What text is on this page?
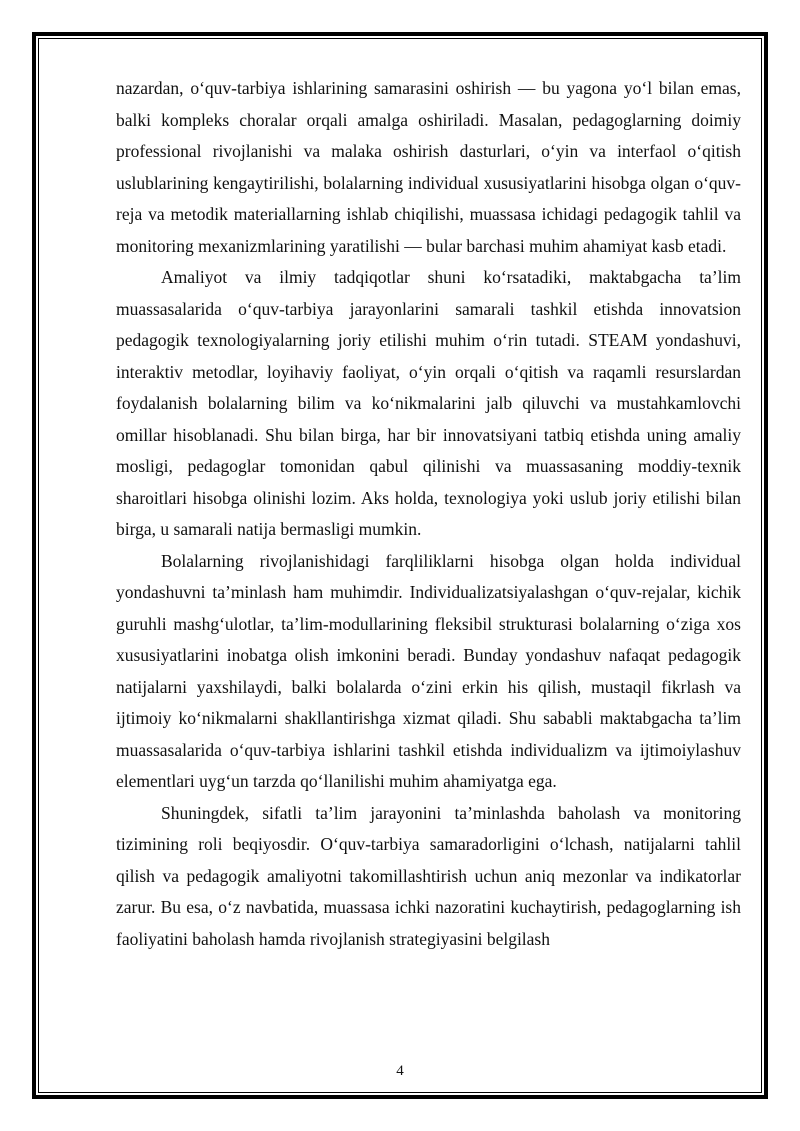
nazardan, o‘quv-tarbiya ishlarining samarasini oshirish — bu yagona yo‘l bilan emas, balki kompleks choralar orqali amalga oshiriladi. Masalan, pedagoglarning doimiy professional rivojlanishi va malaka oshirish dasturlari, o‘yin va interfaol o‘qitish uslublarining kengaytirilishi, bolalarning individual xususiyatlarini hisobga olgan o‘quv-reja va metodik materiallarning ishlab chiqilishi, muassasa ichidagi pedagogik tahlil va monitoring mexanizmlarining yaratilishi — bular barchasi muhim ahamiyat kasb etadi.

Amaliyot va ilmiy tadqiqotlar shuni ko‘rsatadiki, maktabgacha ta’lim muassasalarida o‘quv-tarbiya jarayonlarini samarali tashkil etishda innovatsion pedagogik texnologiyalarning joriy etilishi muhim o‘rin tutadi. STEAM yondashuvi, interaktiv metodlar, loyihaviy faoliyat, o‘yin orqali o‘qitish va raqamli resurslardan foydalanish bolalarning bilim va ko‘nikmalarini jalb qiluvchi va mustahkamlovchi omillar hisoblanadi. Shu bilan birga, har bir innovatsiyani tatbiq etishda uning amaliy mosligi, pedagoglar tomonidan qabul qilinishi va muassasaning moddiy-texnik sharoitlari hisobga olinishi lozim. Aks holda, texnologiya yoki uslub joriy etilishi bilan birga, u samarali natija bermasligi mumkin.

Bolalarning rivojlanishidagi farqliliklarni hisobga olgan holda individual yondashuvni ta’minlash ham muhimdir. Individualizatsiyalashgan o‘quv-rejalar, kichik guruhli mashg‘ulotlar, ta’lim-modullarining fleksibil strukturasi bolalarning o‘ziga xos xususiyatlarini inobatga olish imkonini beradi. Bunday yondashuv nafaqat pedagogik natijalarni yaxshilaydi, balki bolalarda o‘zini erkin his qilish, mustaqil fikrlash va ijtimoiy ko‘nikmalarni shakllantirishga xizmat qiladi. Shu sababli maktabgacha ta’lim muassasalarida o‘quv-tarbiya ishlarini tashkil etishda individualizm va ijtimoiylashuv elementlari uyg‘un tarzda qo‘llanilishi muhim ahamiyatga ega.

Shuningdek, sifatli ta’lim jarayonini ta’minlashda baholash va monitoring tizimining roli beqiyosdir. O‘quv-tarbiya samaradorligini o‘lchash, natijalarni tahlil qilish va pedagogik amaliyotni takomillashtirish uchun aniq mezonlar va indikatorlar zarur. Bu esa, o‘z navbatida, muassasa ichki nazoratini kuchaytirish, pedagoglarning ish faoliyatini baholash hamda rivojlanish strategiyasini belgilash

4
